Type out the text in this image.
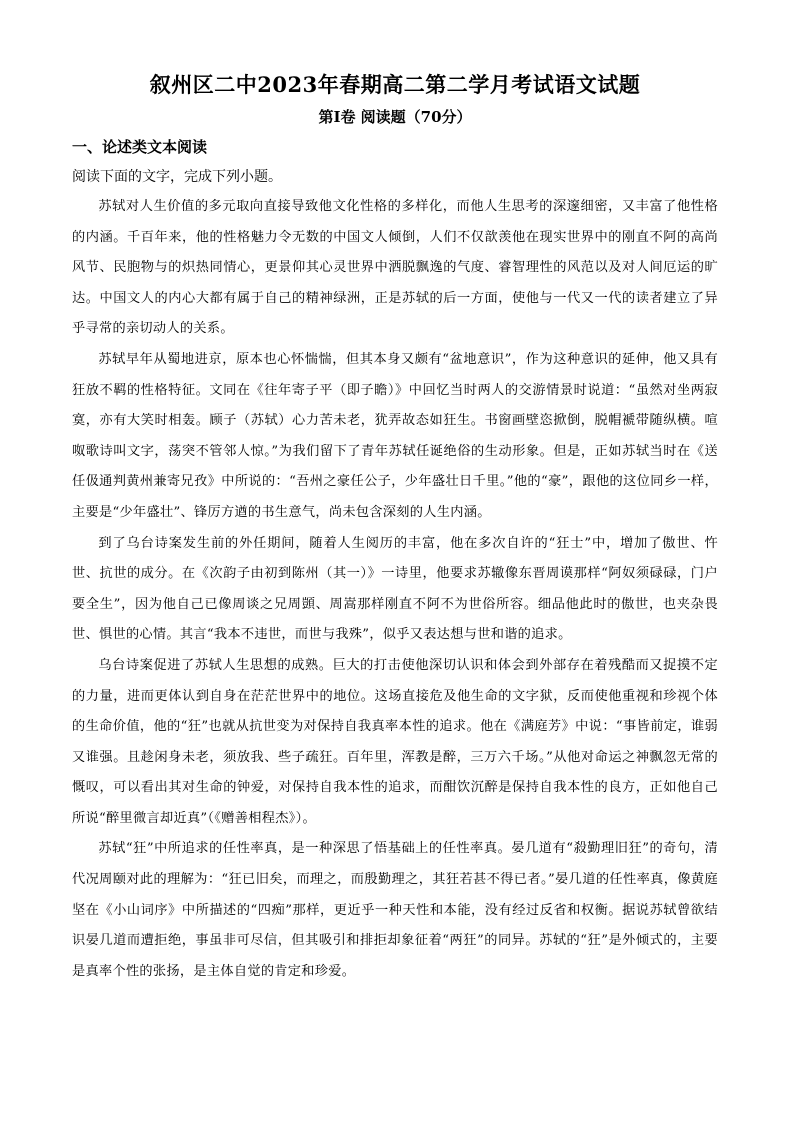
叙州区二中2023年春期高二第二学月考试语文试题
第Ⅰ卷 阅读题（70分）
一、论述类文本阅读
阅读下面的文字，完成下列小题。

苏轼对人生价值的多元取向直接导致他文化性格的多样化，而他人生思考的深邃细密，又丰富了他性格的内涵。千百年来，他的性格魅力令无数的中国文人倾倒，人们不仅歆羡他在现实世界中的刚直不阿的高尚风节、民胞物与的炽热同情心，更景仰其心灵世界中洒脱飘逸的气度、睿智理性的风范以及对人间厄运的旷达。中国文人的内心大都有属于自己的精神绿洲，正是苏轼的后一方面，使他与一代又一代的读者建立了异乎寻常的亲切动人的关系。

苏轼早年从蜀地进京，原本也心怀惴惴，但其本身又颇有“盆地意识”，作为这种意识的延伸，他又具有狂放不羁的性格特征。文同在《往年寄子平（即子瞻）》中回忆当时两人的交游情景时说道：“虽然对坐两寂寞，亦有大笑时相轰。顾子（苏轼）心力苦未老，犹弄故态如狂生。书窗画壁恣掀倒，脱帽褫带随纵横。喧呶歌诗叫文字，荡突不管邻人惊。”为我们留下了青年苏轼任诞绝俗的生动形象。但是，正如苏轼当时在《送任伋通判黄州兼寄兄孜》中所说的：“吾州之豪任公子，少年盛壮日千里。”他的“豪”，跟他的这位同乡一样，主要是“少年盛壮”、锋厉方遒的书生意气，尚未包含深刻的人生内涵。

到了乌台诗案发生前的外任期间，随着人生阅历的丰富，他在多次自许的“狂士”中，增加了傲世、忤世、抗世的成分。在《次韵子由初到陈州（其一）》一诗里，他要求苏辙像东晋周谟那样“阿奴须碌碌，门户要全生”，因为他自己已像周谈之兄周顗、周嵩那样刚直不阿不为世俗所容。细品他此时的傲世，也夹杂畏世、惧世的心情。其言“我本不违世，而世与我殊”，似乎又表达想与世和谐的追求。

乌台诗案促进了苏轼人生思想的成熟。巨大的打击使他深切认识和体会到外部存在着残酷而又捉摸不定的力量，进而更体认到自身在茫茫世界中的地位。这场直接危及他生命的文字狱，反而使他重视和珍视个体的生命价值，他的“狂”也就从抗世变为对保持自我真率本性的追求。他在《满庭芳》中说：“事皆前定，谁弱又谁强。且趁闲身未老，须放我、些子疏狂。百年里，浑教是醉，三万六千场。”从他对命运之神飘忽无常的慨叹，可以看出其对生命的钟爱，对保持自我本性的追求，而酣饮沉醉是保持自我本性的良方，正如他自己所说“醉里微言却近真”（《赠善相程杰》）。

苏轼“狂”中所追求的任性率真，是一种深思了悟基础上的任性率真。晏几道有“殺勤理旧狂”的奇句，清代况周颐对此的理解为：“狂已旧矣，而理之，而殷勤理之，其狂若甚不得已者。”晏几道的任性率真，像黄庭坚在《小山词序》中所描述的“四痴”那样，更近乎一种天性和本能，没有经过反省和权衡。据说苏轼曾欲结识晏几道而遭拒绝，事虽非可尽信，但其吸引和排拒却象征着“两狂”的同异。苏轼的“狂”是外倾式的，主要是真率个性的张扬，是主体自觉的肯定和珍爱。
